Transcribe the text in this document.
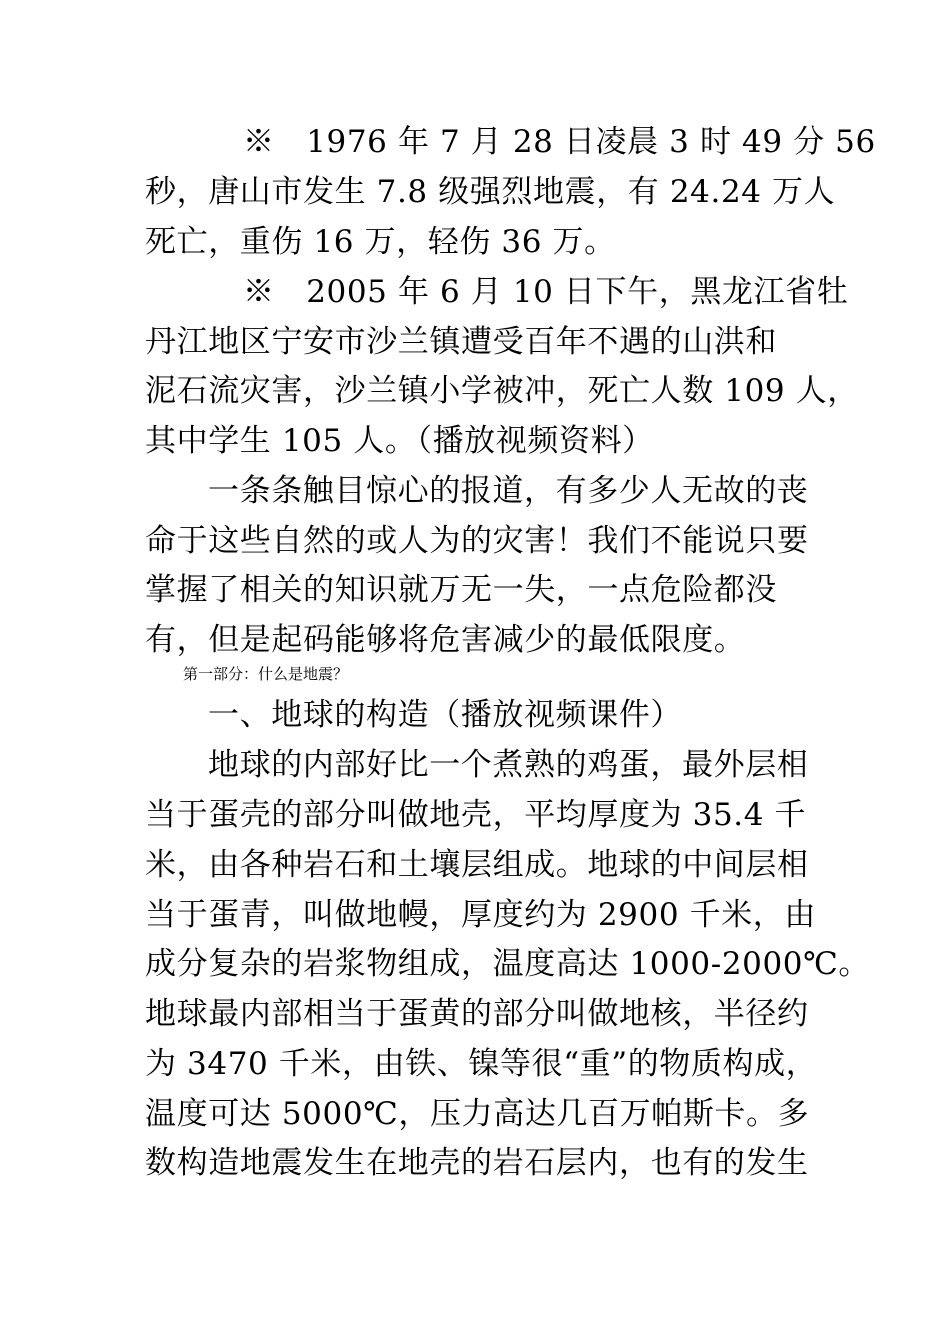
※　1976 年 7 月 28 日凌晨 3 时 49 分 56
秒，唐山市发生 7.8 级强烈地震，有 24.24 万人
死亡，重伤 16 万，轻伤 36 万。
※　2005 年 6 月 10 日下午，黑龙江省牡
丹江地区宁安市沙兰镇遭受百年不遇的山洪和
泥石流灾害，沙兰镇小学被冲，死亡人数 109 人，
其中学生 105 人。（播放视频资料）
一条条触目惊心的报道，有多少人无故的丧
命于这些自然的或人为的灾害！我们不能说只要
掌握了相关的知识就万无一失，一点危险都没
有，但是起码能够将危害减少的最低限度。
第一部分：什么是地震？
一、地球的构造（播放视频课件）
地球的内部好比一个煮熟的鸡蛋，最外层相
当于蛋壳的部分叫做地壳，平均厚度为 35.4 千
米，由各种岩石和土壤层组成。地球的中间层相
当于蛋青，叫做地幔，厚度约为 2900 千米，由
成分复杂的岩浆物组成，温度高达 1000-2000℃。
地球最内部相当于蛋黄的部分叫做地核，半径约
为 3470 千米，由铁、镍等很“重”的物质构成，
温度可达 5000℃，压力高达几百万帕斯卡。多
数构造地震发生在地壳的岩石层内，也有的发生
